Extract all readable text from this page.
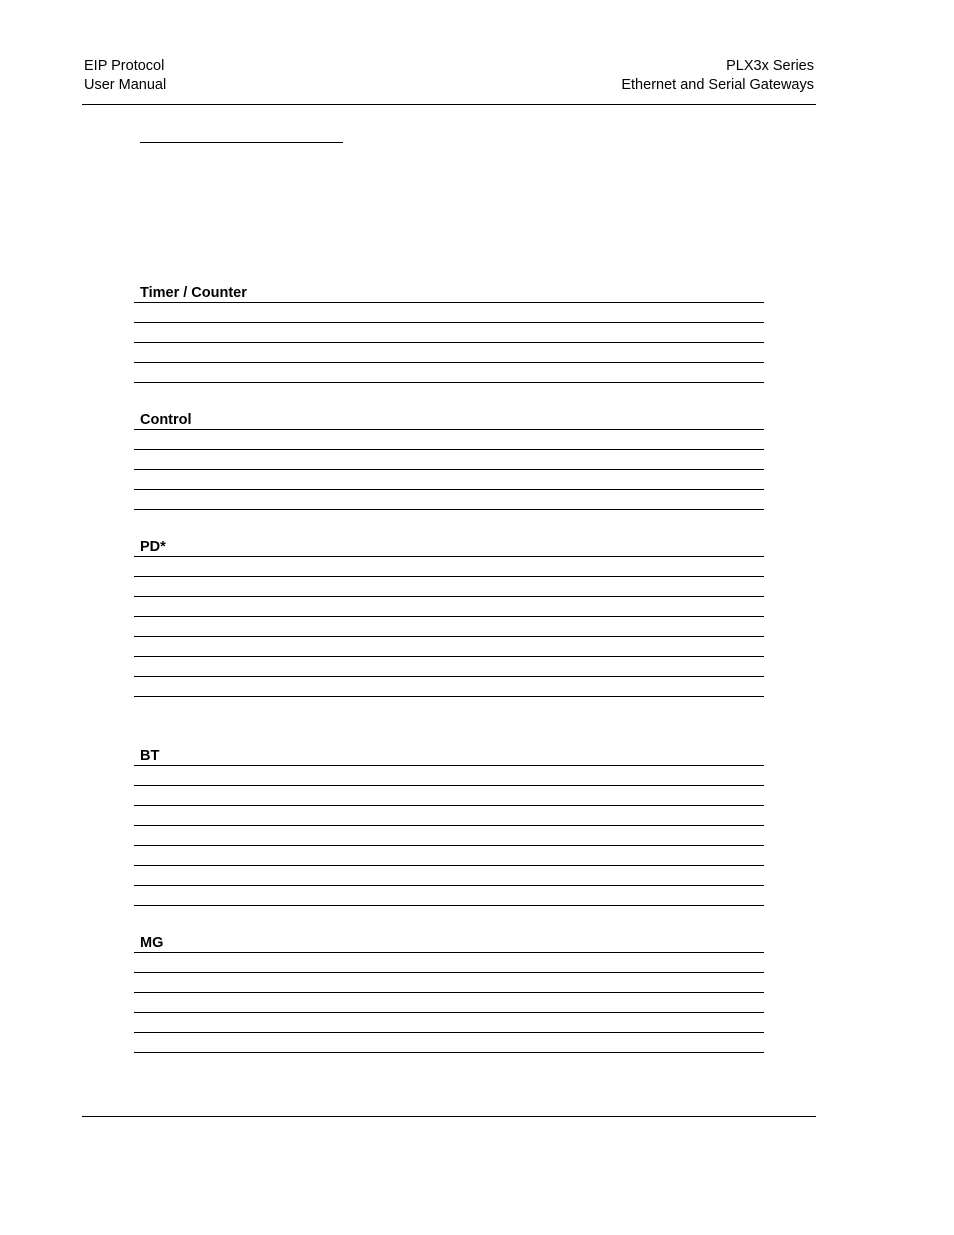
EIP Protocol
User Manual
PLX3x Series
Ethernet and Serial Gateways
Timer / Counter
Control
PD*
BT
MG
